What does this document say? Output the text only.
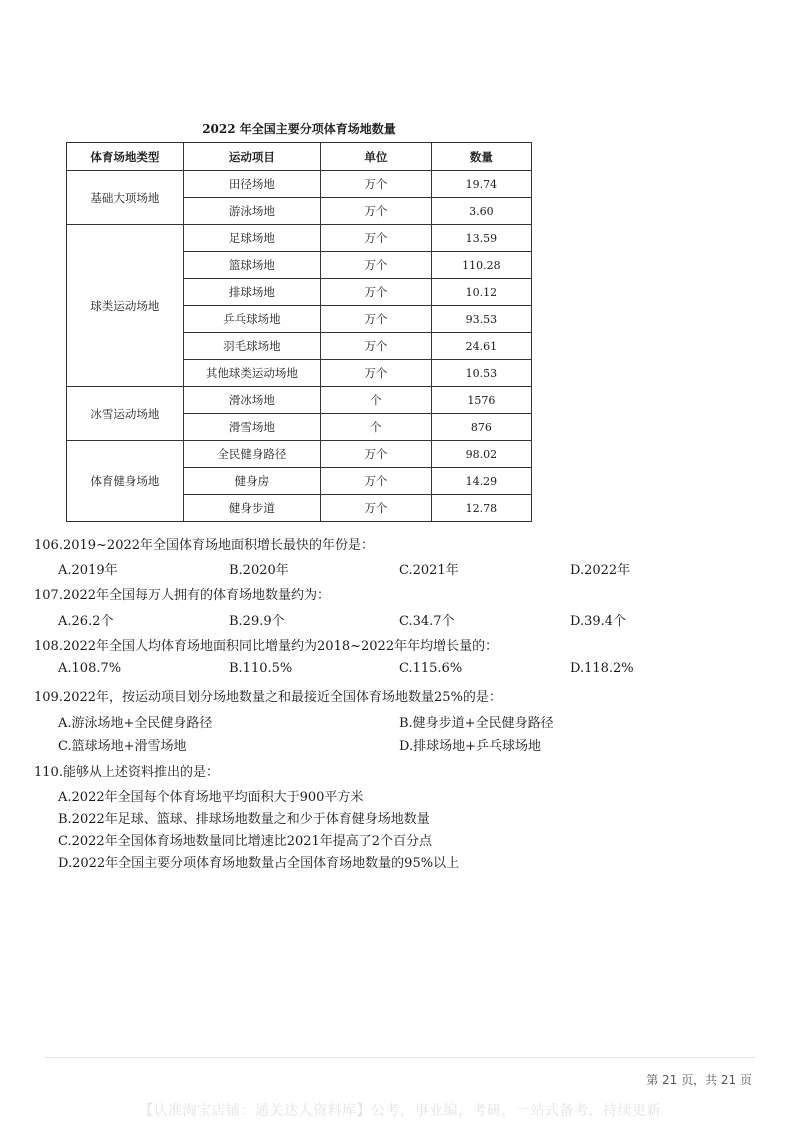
2022 年全国主要分项体育场地数量
体育场地类型	运动项目	单位	数量
基础大项场地	田径场地	万个	19.74
	游泳场地	万个	3.60
球类运动场地	足球场地	万个	13.59
	篮球场地	万个	110.28
	排球场地	万个	10.12
	乒乓球场地	万个	93.53
	羽毛球场地	万个	24.61
	其他球类运动场地	万个	10.53
冰雪运动场地	滑冰场地	个	1576
	滑雪场地	个	876
体育健身场地	全民健身路径	万个	98.02
	健身房	万个	14.29
	健身步道	万个	12.78
106.2019~2022年全国体育场地面积增长最快的年份是：
A.2019年	B.2020年	C.2021年	D.2022年
107.2022年全国每万人拥有的体育场地数量约为：
A.26.2个	B.29.9个	C.34.7个	D.39.4个
108.2022年全国人均体育场地面积同比增量约为2018~2022年年均增长量的：
A.108.7%	B.110.5%	C.115.6%	D.118.2%
109.2022年，按运动项目划分场地数量之和最接近全国体育场地数量25%的是：
A.游泳场地+全民健身路径	B.健身步道+全民健身路径
C.篮球场地+滑雪场地	D.排球场地+乒乓球场地
110.能够从上述资料推出的是：
A.2022年全国每个体育场地平均面积大于900平方米
B.2022年足球、篮球、排球场地数量之和少于体育健身场地数量
C.2022年全国体育场地数量同比增速比2021年提高了2个百分点
D.2022年全国主要分项体育场地数量占全国体育场地数量的95%以上
第 21 页，共 21 页
【认准淘宝店铺：通关达人资料库】公考，事业编，考研，一站式备考，持续更新
